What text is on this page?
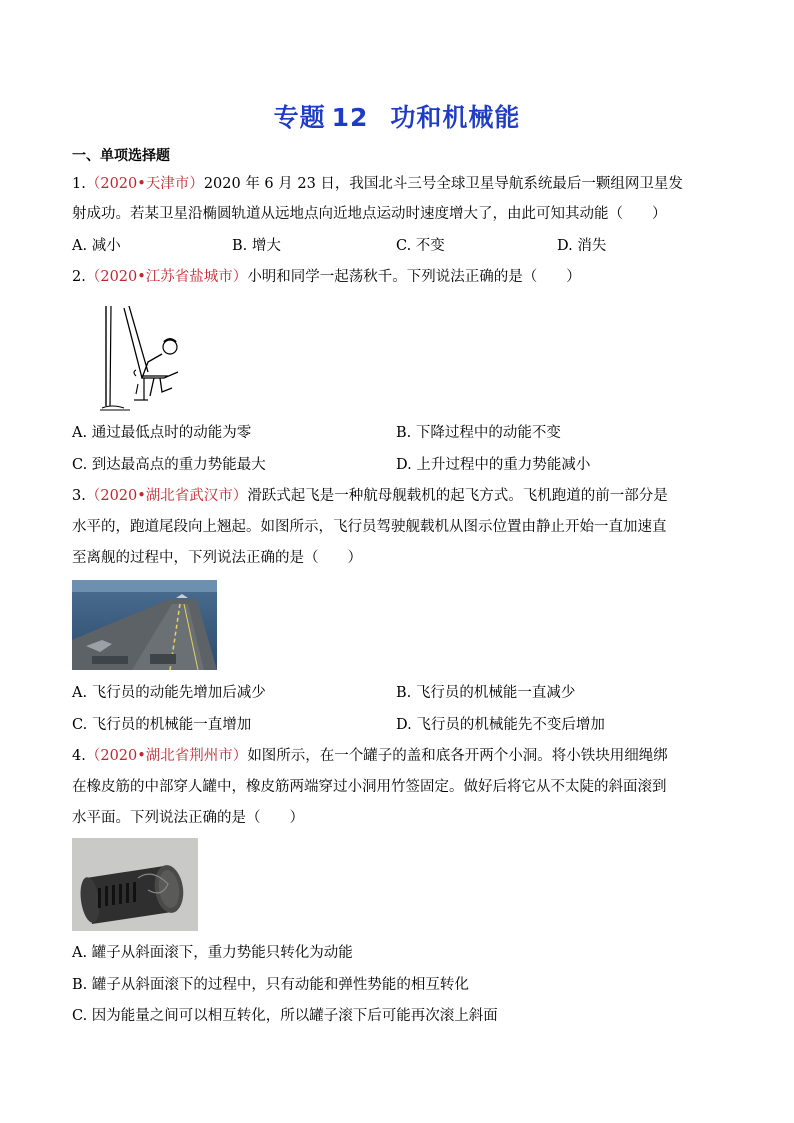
专题 12 功和机械能
一、单项选择题
1.（2020•天津市）2020 年 6 月 23 日，我国北斗三号全球卫星导航系统最后一颗组网卫星发
射成功。若某卫星沿椭圆轨道从远地点向近地点运动时速度增大了，由此可知其动能（　　）
A. 减小	B. 增大	C. 不变	D. 消失
2.（2020•江苏省盐城市）小明和同学一起荡秋千。下列说法正确的是（　　）
A. 通过最低点时的动能为零	B. 下降过程中的动能不变
C. 到达最高点的重力势能最大	D. 上升过程中的重力势能减小
3.（2020•湖北省武汉市）滑跃式起飞是一种航母舰载机的起飞方式。飞机跑道的前一部分是
水平的，跑道尾段向上翘起。如图所示，飞行员驾驶舰载机从图示位置由静止开始一直加速直
至离舰的过程中，下列说法正确的是（　　）
A. 飞行员的动能先增加后减少	B. 飞行员的机械能一直减少
C. 飞行员的机械能一直增加	D. 飞行员的机械能先不变后增加
4.（2020•湖北省荆州市）如图所示，在一个罐子的盖和底各开两个小洞。将小铁块用细绳绑
在橡皮筋的中部穿人罐中，橡皮筋两端穿过小洞用竹签固定。做好后将它从不太陡的斜面滚到
水平面。下列说法正确的是（　　）
A. 罐子从斜面滚下，重力势能只转化为动能
B. 罐子从斜面滚下的过程中，只有动能和弹性势能的相互转化
C. 因为能量之间可以相互转化，所以罐子滚下后可能再次滚上斜面
